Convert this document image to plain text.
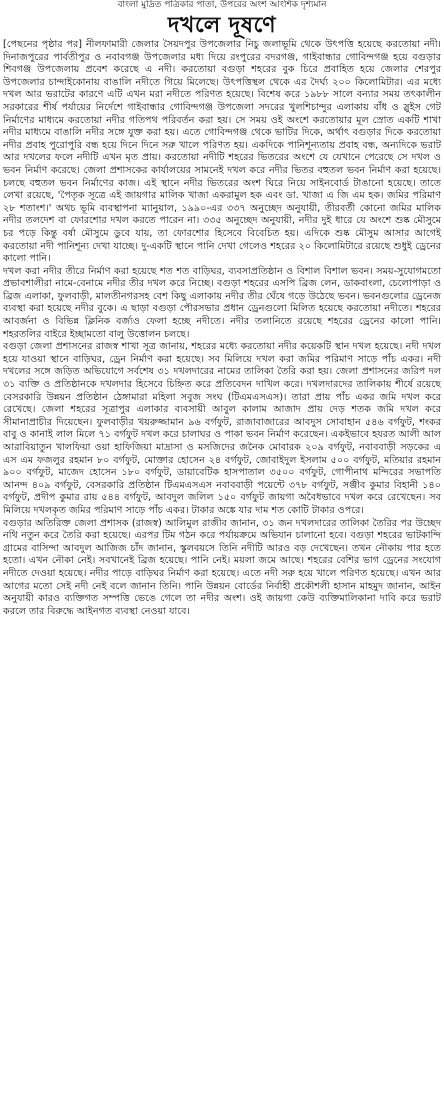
বাংলা মুদ্রিত পত্রিকার পাতা, উপরের অংশ আংশিক দৃশ্যমান
দখলে দূষণে

[পেছনের পৃষ্ঠার পর] নীলফামারী জেলার সৈয়দপুর উপজেলার নিচু জলাভূমি থেকে উৎপত্তি হয়েছে করতোয়া নদী। দিনাজপুরের পার্বতীপুর ও নবাবগঞ্জ উপজেলার মধ্য দিয়ে রংপুরের বদরগঞ্জ, গাইবান্ধার গোবিন্দগঞ্জ হয়ে বগুড়ার শিবগঞ্জ উপজেলায় প্রবেশ করেছে এ নদী। করতোয়া বগুড়া শহরের বুক চিরে প্রবাহিত হয়ে জেলার শেরপুর উপজেলার চান্দাইকোনায় বাঙালি নদীতে গিয়ে মিলেছে। উৎপত্তিস্থল থেকে এর দৈর্ঘ্য ২০০ কিলোমিটার। এর মধ্যে দখল আর ভরাটের কারণে এটি এখন মরা নদীতে পরিণত হয়েছে। বিশেষ করে ১৯৮৮ সালে বন্যার সময় তৎকালীন সরকারের শীর্ষ পর্যায়ের নির্দেশে গাইবান্ধার গোবিন্দগঞ্জ উপজেলা সদরের খুলশিচান্দুর এলাকায় বাঁধ ও স্লুইস গেট নির্মাণের মাধ্যমে করতোয়া নদীর গতিপথ পরিবর্তন করা হয়। সে সময় ওই অংশে করতোয়ার মূল স্রোত একটি শাখা নদীর মাধ্যমে বাঙালি নদীর সঙ্গে যুক্ত করা হয়। এতে গোবিন্দগঞ্জ থেকে ভাটির দিকে, অর্থাৎ বগুড়ার দিকে করতোয়া নদীর প্রবাহ পুরোপুরি বন্ধ হয়ে দিনে দিনে সরু খালে পরিণত হয়। একদিকে পানিশূন্যতায় প্রবাহ বন্ধ, অন্যদিকে ভরাট আর দখলের ফলে নদীটি এখন মৃত প্রায়। করতোয়া নদীটি শহরের ভিতরের অংশে যে যেখানে পেরেছে সে দখল ও ভবন নির্মাণ করেছে। জেলা প্রশাসকের কার্যালয়ের সামনেই দখল করে নদীর ভিতর বহুতল ভবন নির্মাণ করা হয়েছে। চলছে বহুতল ভবন নির্মাণের কাজ। এই স্থানে নদীর ভিতরের অংশ ঘিরে নিয়ে সাইনবোর্ড টাঙানো হয়েছে। তাতে লেখা রয়েছে, 'পৈতৃক সূত্রে এই জায়গার মালিক খাজা একরামুল হক এবং ডা. খাজা এ জি এম হক। জমির পরিমাণ ২৮ শতাংশ।' অথচ ভূমি ব্যবস্থাপনা ম্যানুয়াল, ১৯৯০-এর ৩৩৭ অনুচ্ছেদ অনুযায়ী, তীরবর্তী কোনো জমির মালিক নদীর তলদেশ বা ফোরশোর দখল করতে পারেন না। ৩৩৫ অনুচ্ছেদ অনুযায়ী, নদীর দুই ধারে যে অংশে শুষ্ক মৌসুমে চর পড়ে কিন্তু বর্ষা মৌসুমে ডুবে যায়, তা ফোরশোর হিসেবে বিবেচিত হয়। এদিকে শুষ্ক মৌসুম আসার আগেই করতোয়া নদী পানিশূন্য দেখা যাচ্ছে। দু-একটি স্থানে পানি দেখা গেলেও শহরের ২০ কিলোমিটারে রয়েছে শুধুই ড্রেনের কালো পানি।

দখল করা নদীর তীরে নির্মাণ করা হয়েছে শত শত বাড়িঘর, ব্যবসাপ্রতিষ্ঠান ও বিশাল বিশাল ভবন। সময়-সুযোগমতো প্রভাবশালীরা নামে-বেনামে নদীর তীর দখল করে নিচ্ছে। বগুড়া শহরের এসপি ব্রিজ লেন, ডাকবাংলা, চেলোপাড়া ও ব্রিজ এলাকা, ফুলবাড়ী, মালতীনগরসহ বেশ কিছু এলাকায় নদীর তীর ঘেঁষে গড়ে উঠেছে ভবন। ভবনগুলোর ড্রেনেজ ব্যবস্থা করা হয়েছে নদীর বুকে। এ ছাড়া বগুড়া পৌরসভার প্রধান ড্রেনগুলো মিলিত হয়েছে করতোয়া নদীতে। শহরের আবর্জনা ও বিভিন্ন ক্লিনিক বর্জ্যও ফেলা হচ্ছে নদীতে। নদীর তলানিতে রয়েছে শহরের ড্রেনের কালো পানি। শহরতলির বাইরে ইচ্ছামতো বালু উত্তোলন চলছে।

বগুড়া জেলা প্রশাসনের রাজস্ব শাখা সূত্র জানায়, শহরের মধ্যে করতোয়া নদীর কয়েকটি স্থান দখল হয়েছে। নদী দখল হয়ে যাওয়া স্থানে বাড়িঘর, ড্রেন নির্মাণ করা হয়েছে। সব মিলিয়ে দখল করা জমির পরিমাণ সাড়ে পাঁচ একর। নদী দখলের সঙ্গে জড়িত অভিযোগে সর্বশেষ ৩১ দখলদারের নামের তালিকা তৈরি করা হয়। জেলা প্রশাসনের জরিপ দল ৩১ ব্যক্তি ও প্রতিষ্ঠানকে দখলদার হিসেবে চিহ্নিত করে প্রতিবেদন দাখিল করে। দখলদারদের তালিকায় শীর্ষে রয়েছে বেসরকারি উন্নয়ন প্রতিষ্ঠান ঠেঙ্গামারা মহিলা সবুজ সংঘ (টিএমএসএস)। তারা প্রায় পাঁচ একর জমি দখল করে রেখেছে। জেলা শহরের সূত্রাপুর এলাকার ব্যবসায়ী আবুল কালাম আজাদ প্রায় দেড় শতক জমি দখল করে সীমানাপ্রাচীর দিয়েছেন। ফুলবাড়ীর খয়রুজ্জামান ৯৬ বর্গফুট, রাজাবাজারের আবদুস সোবাহান ৫৪৬ বর্গফুট, শংকর বাবু ও কানাই লাল মিলে ৭১ বর্গফুট দখল করে চালাঘর ও পাকা ভবন নির্মাণ করেছেন। একইভাবে হযরত আলী আল আরাবিয়াতুন খালফিয়া ওয়া হাফিজিয়া মাদ্রাসা ও মসজিদের জনৈক মোবারক ২০৯ বর্গফুট, নবাববাড়ী সড়কের এ এস এম ফজলুর রহমান ৮০ বর্গফুট, মোক্তার হোসেন ২৪ বর্গফুট, জোবাইদুল ইসলাম ৫০০ বর্গফুট, মতিয়ার রহমান ৯০০ বর্গফুট, মাজেদ হোসেন ১৮০ বর্গফুট, ডায়াবেটিক হাসপাতাল ৩৫০০ বর্গফুট, গোপীনাথ মন্দিরের সভাপতি আনন্দ ৪০৯ বর্গফুট, বেসরকারি প্রতিষ্ঠান টিএমএসএস নবাববাড়ী পয়েন্টে ৩৭৮ বর্গফুট, সঞ্জীব কুমার বিহানী ১৪০ বর্গফুট, প্রদীপ কুমার রায় ৫৪৪ বর্গফুট, আবদুল জলিল ১৫০ বর্গফুট জায়গা অবৈধভাবে দখল করে রেখেছেন। সব মিলিয়ে দখলকৃত জমির পরিমাণ সাড়ে পাঁচ একর। টাকার অঙ্কে যার দাম শত কোটি টাকার ওপরে।

বগুড়ার অতিরিক্ত জেলা প্রশাসক (রাজস্ব) আলিমুল রাজীব জানান, ৩১ জন দখলদারের তালিকা তৈরির পর উচ্ছেদ নথি নতুন করে তৈরি করা হয়েছে। এরপর টিম গঠন করে পর্যায়ক্রমে অভিযান চালানো হবে। বগুড়া শহরের ভাটকান্দি গ্রামের বাসিন্দা আবদুল আজিজ চাঁদ জানান, স্কুলবয়সে তিনি নদীটি আরও বড় দেখেছেন। তখন নৌকায় পার হতে হতো। এখন নৌকা নেই। সবখানেই ব্রিজ হয়েছে। পানি নেই। ময়লা জমে আছে। শহরের বেশির ভাগ ড্রেনের সংযোগ নদীতে দেওয়া হয়েছে। নদীর পাড়ে বাড়িঘর নির্মাণ করা হয়েছে। এতে নদী সরু হয়ে খালে পরিণত হয়েছে। এখন আর আগের মতো সেই নদী নেই বলে জানান তিনি। পানি উন্নয়ন বোর্ডের নির্বাহী প্রকৌশলী হাসান মাহমুদ জানান, আইন অনুযায়ী কারও ব্যক্তিগত সম্পত্তি ভেঙে গেলে তা নদীর অংশ। ওই জায়গা কেউ ব্যক্তিমালিকানা দাবি করে ভরাট করলে তার বিরুদ্ধে আইনগত ব্যবস্থা নেওয়া যাবে।
